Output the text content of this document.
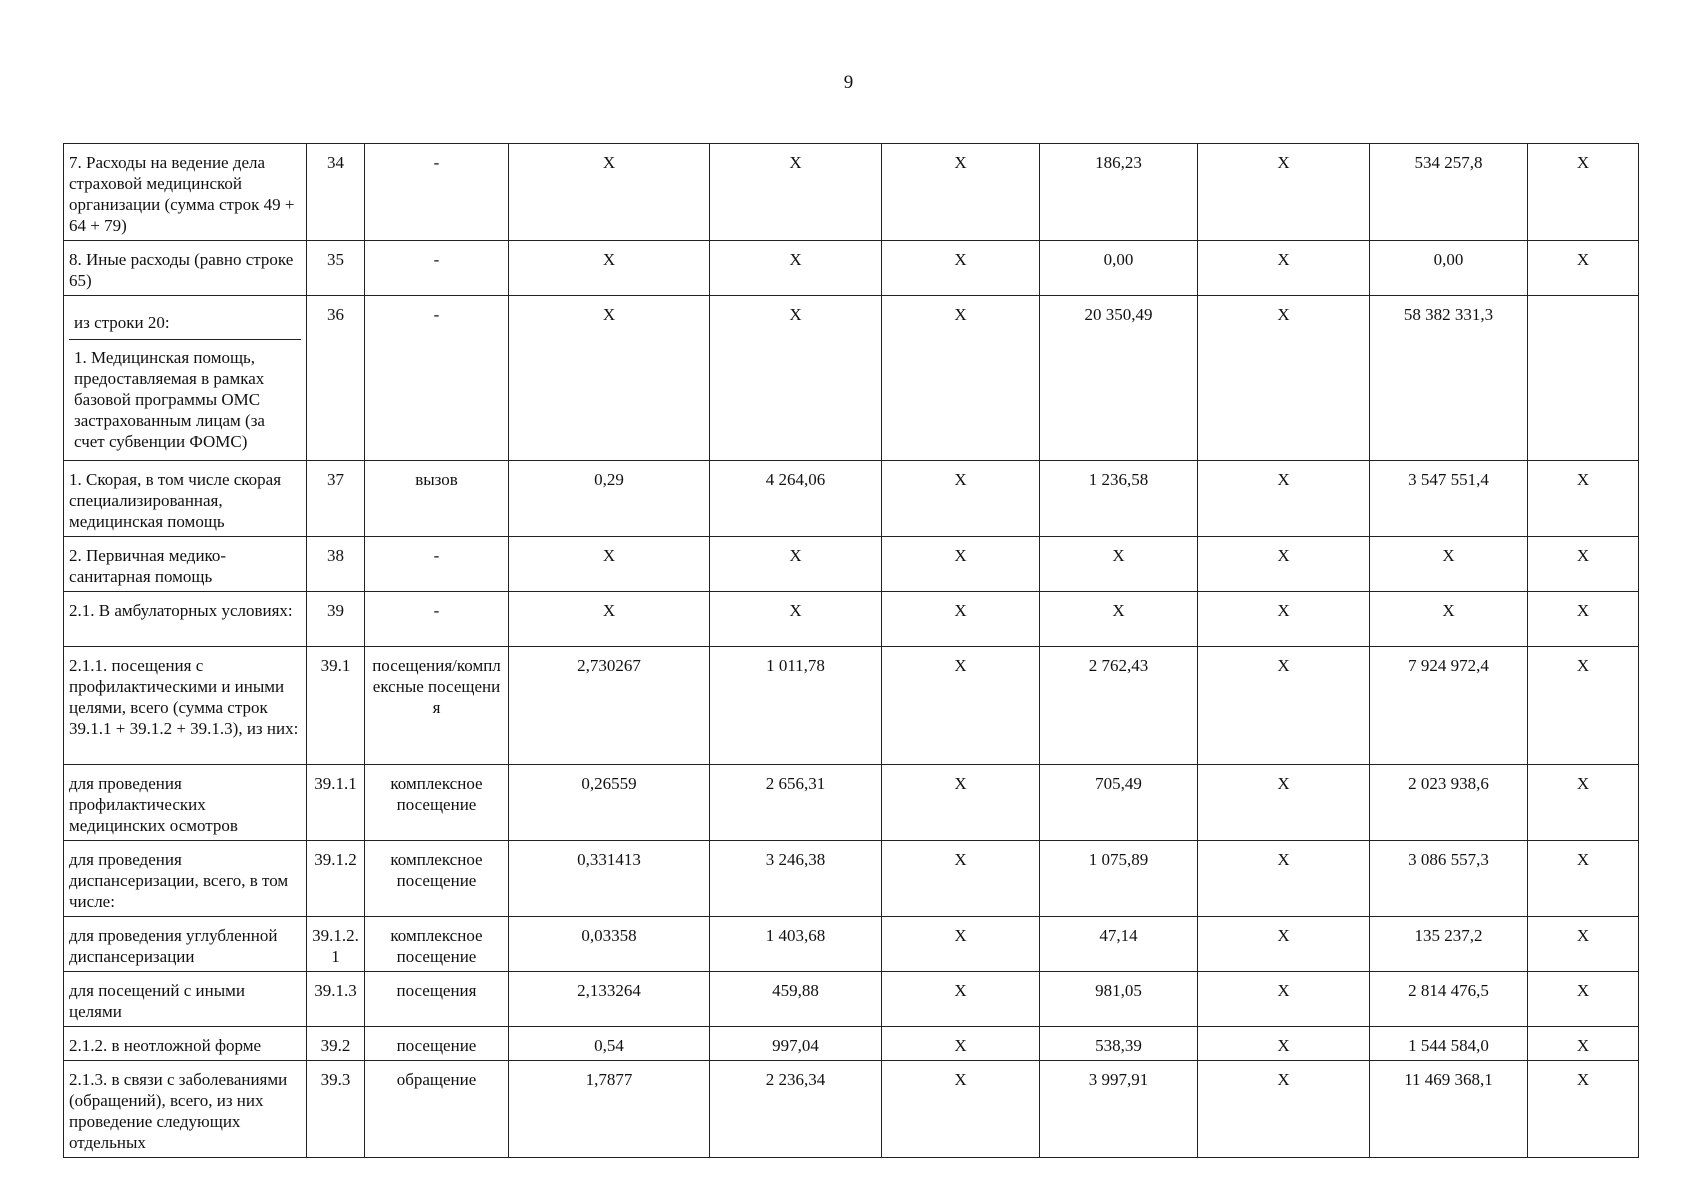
9
7. Расходы на ведение дела страховой медицинской организации (сумма строк 49 + 64 + 79)	34	-	X	X	X	186,23	X	534 257,8	X
8. Иные расходы (равно строке 65)	35	-	X	X	X	0,00	X	0,00	X

из строки 20:
1. Медицинская помощь, предоставляемая в рамках базовой программы ОМС застрахованным лицам (за счет субвенции ФОМС)	36	-	X	X	X	20 350,49	X	58 382 331,3	
1. Скорая, в том числе скорая специализированная, медицинская помощь	37	вызов	0,29	4 264,06	X	1 236,58	X	3 547 551,4	X
2. Первичная медико-санитарная помощь	38	-	X	X	X	X	X	X	X
2.1. В амбулаторных условиях:	39	-	X	X	X	X	X	X	X
2.1.1. посещения с профилактическими и иными целями, всего (сумма строк 39.1.1 + 39.1.2 + 39.1.3), из них:	39.1	посещения/комплексные посещения	2,730267	1 011,78	X	2 762,43	X	7 924 972,4	X
для проведения профилактических медицинских осмотров	39.1.1	комплексное посещение	0,26559	2 656,31	X	705,49	X	2 023 938,6	X
для проведения диспансеризации, всего, в том числе:	39.1.2	комплексное посещение	0,331413	3 246,38	X	1 075,89	X	3 086 557,3	X
для проведения углубленной диспансеризации	39.1.2.1	комплексное посещение	0,03358	1 403,68	X	47,14	X	135 237,2	X
для посещений с иными целями	39.1.3	посещения	2,133264	459,88	X	981,05	X	2 814 476,5	X
2.1.2. в неотложной форме	39.2	посещение	0,54	997,04	X	538,39	X	1 544 584,0	X
2.1.3. в связи с заболеваниями (обращений), всего, из них проведение следующих отдельных	39.3	обращение	1,7877	2 236,34	X	3 997,91	X	11 469 368,1	X
